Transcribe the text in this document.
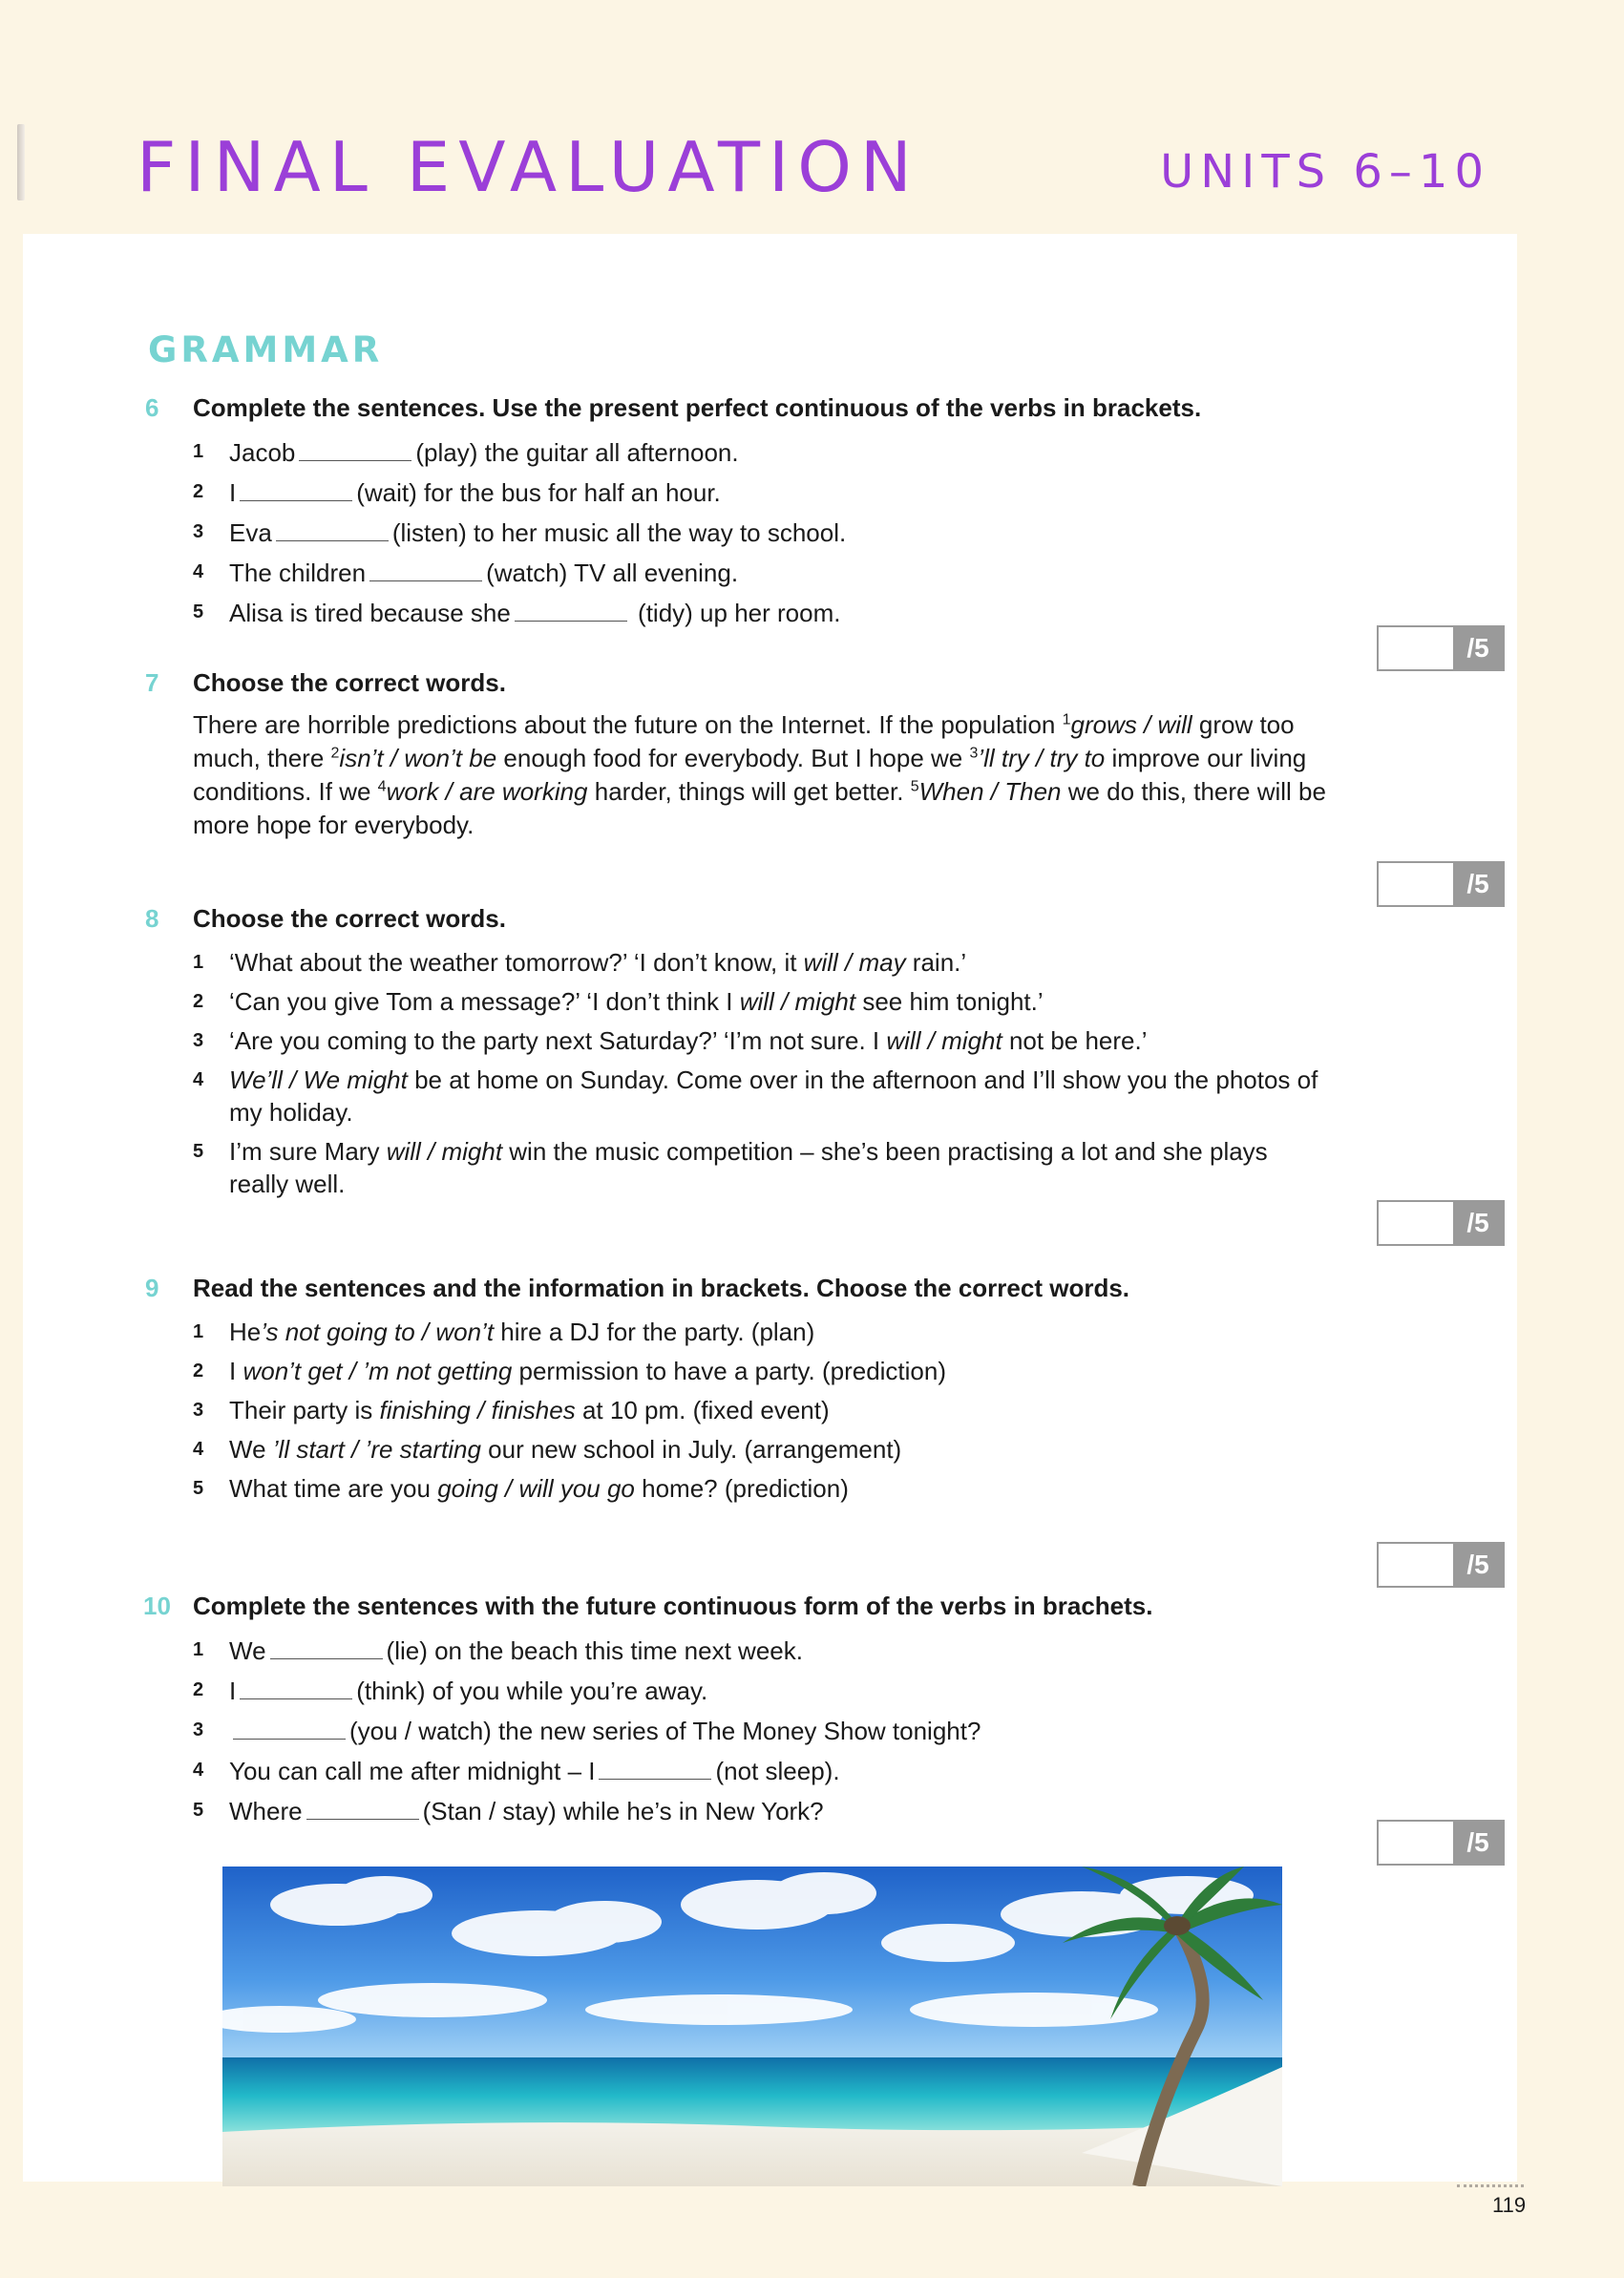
FINAL EVALUATION	UNITS 6–10
GRAMMAR
6 Complete the sentences. Use the present perfect continuous of the verbs in brackets.
1 Jacob	(play) the guitar all afternoon.
2 I	(wait) for the bus for half an hour.
3 Eva	(listen) to her music all the way to school.
4 The children	(watch) TV all evening.
5 Alisa is tired because she	(tidy) up her room.
/5
7 Choose the correct words.
There are horrible predictions about the future on the Internet. If the population $^1$grows / will grow too much, there $^2$isn’t / won’t be enough food for everybody. But I hope we $^3$’ll try / try to improve our living conditions. If we $^4$work / are working harder, things will get better. $^5$When / Then we do this, there will be more hope for everybody.
/5
8 Choose the correct words.
1 ‘What about the weather tomorrow?’ ‘I don’t know, it will / may rain.’
2 ‘Can you give Tom a message?’ ‘I don’t think I will / might see him tonight.’
3 ‘Are you coming to the party next Saturday?’ ‘I’m not sure. I will / might not be here.’
4 We’ll / We might be at home on Sunday. Come over in the afternoon and I’ll show you the photos of my holiday.
5 I’m sure Mary will / might win the music competition – she’s been practising a lot and she plays really well.
/5
9 Read the sentences and the information in brackets. Choose the correct words.
1 He’s not going to / won’t hire a DJ for the party. (plan)
2 I won’t get / ’m not getting permission to have a party. (prediction)
3 Their party is finishing / finishes at 10 pm. (fixed event)
4 We ’ll start / ’re starting our new school in July. (arrangement)
5 What time are you going / will you go home? (prediction)
/5
10 Complete the sentences with the future continuous form of the verbs in brachets.
1 We	(lie) on the beach this time next week.
2 I	(think) of you while you’re away.
3	(you / watch) the new series of The Money Show tonight?
4 You can call me after midnight – I	(not sleep).
5 Where	(Stan / stay) while he’s in New York?
/5
119
